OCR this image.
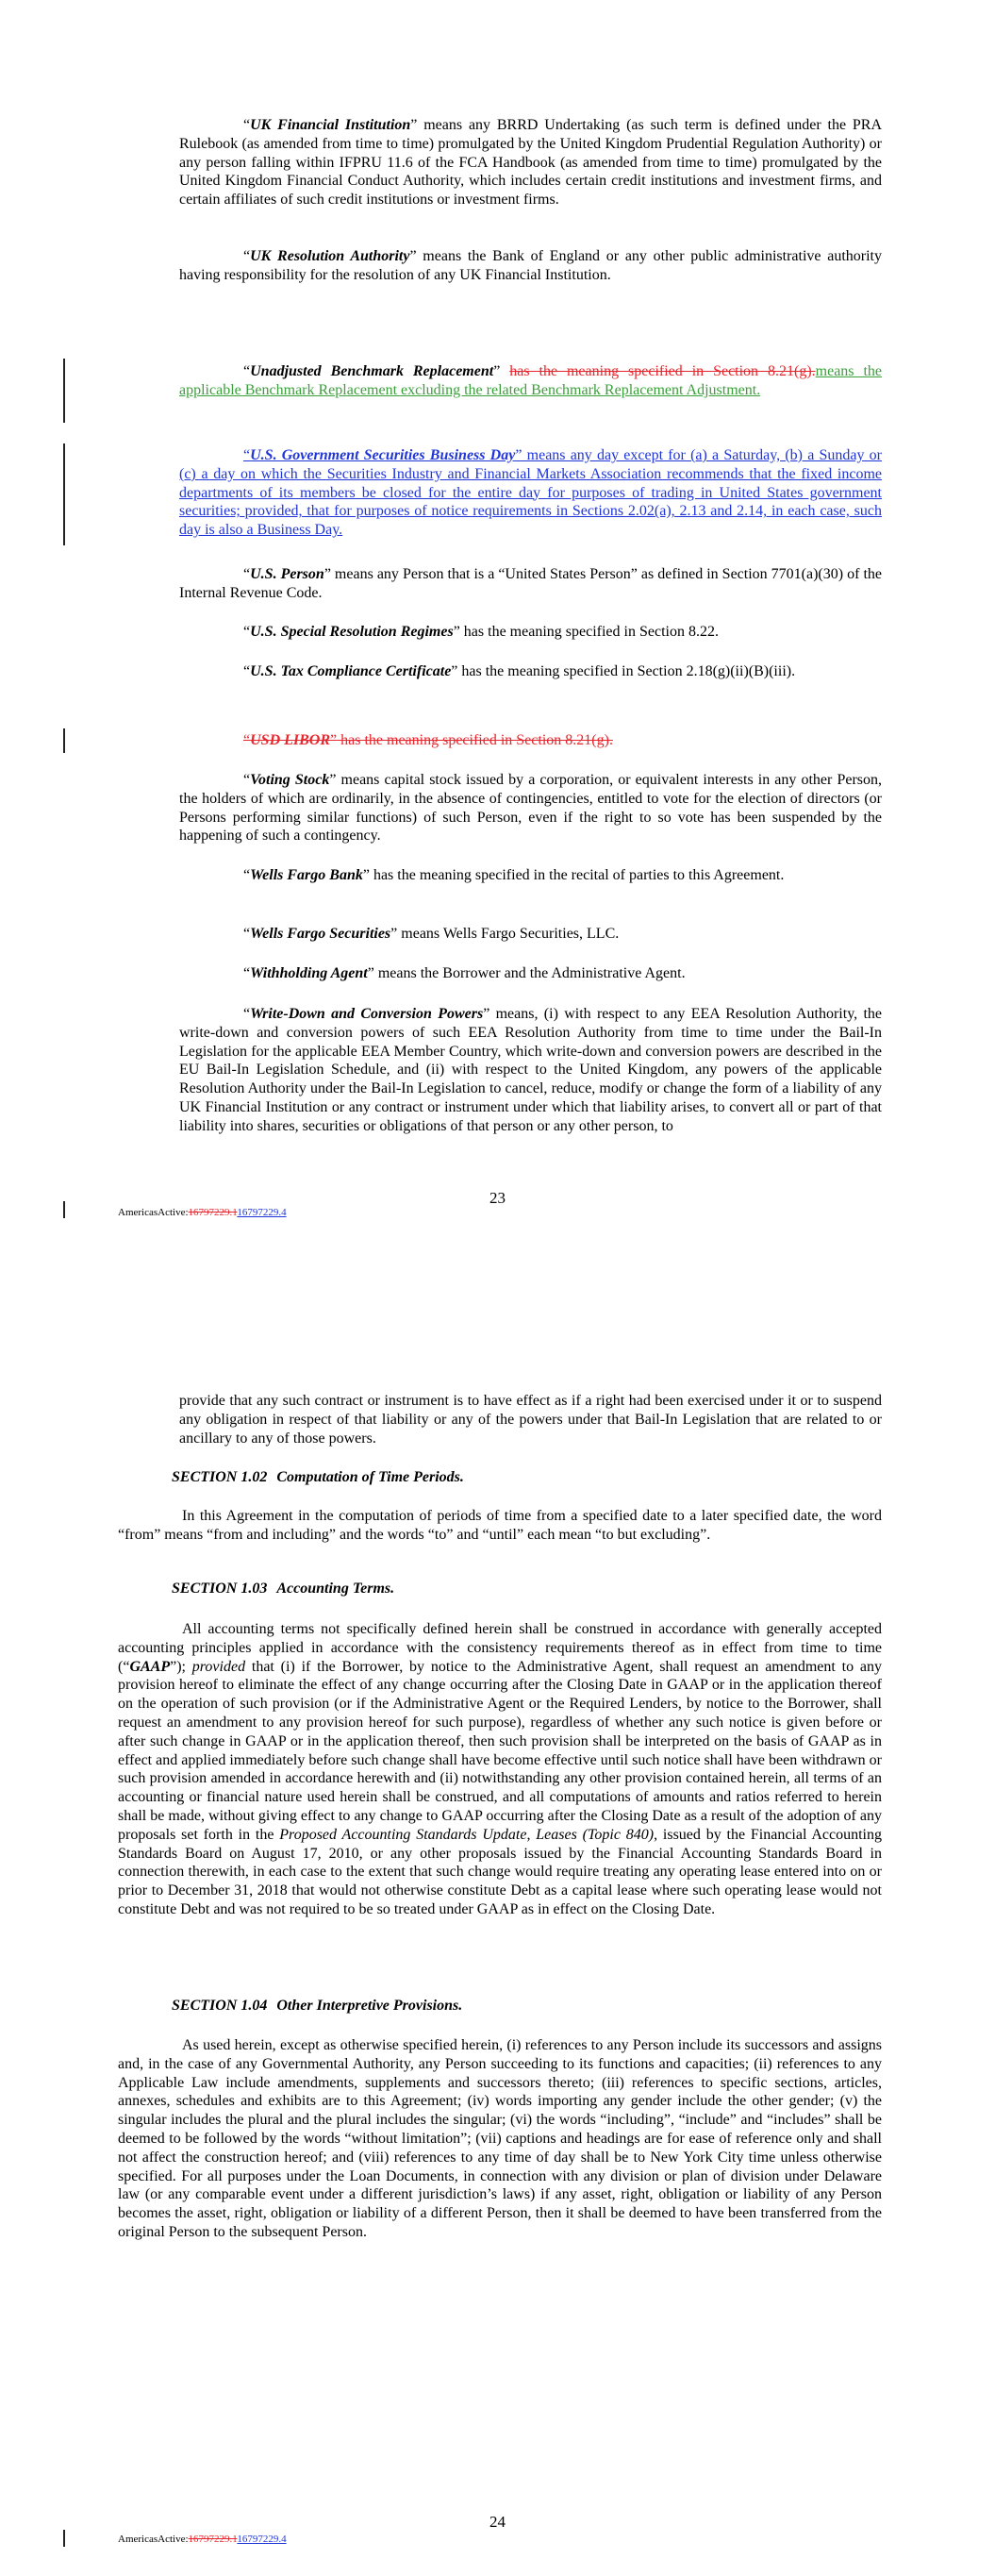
“UK Financial Institution” means any BRRD Undertaking (as such term is defined under the PRA Rulebook (as amended from time to time) promulgated by the United Kingdom Prudential Regulation Authority) or any person falling within IFPRU 11.6 of the FCA Handbook (as amended from time to time) promulgated by the United Kingdom Financial Conduct Authority, which includes certain credit institutions and investment firms, and certain affiliates of such credit institutions or investment firms.

“UK Resolution Authority” means the Bank of England or any other public administrative authority having responsibility for the resolution of any UK Financial Institution.

“Unadjusted Benchmark Replacement” has the meaning specified in Section 8.21(g).means the applicable Benchmark Replacement excluding the related Benchmark Replacement Adjustment.

“U.S. Government Securities Business Day” means any day except for (a) a Saturday, (b) a Sunday or (c) a day on which the Securities Industry and Financial Markets Association recommends that the fixed income departments of its members be closed for the entire day for purposes of trading in United States government securities; provided, that for purposes of notice requirements in Sections 2.02(a), 2.13 and 2.14, in each case, such day is also a Business Day.

“U.S. Person” means any Person that is a “United States Person” as defined in Section 7701(a)(30) of the Internal Revenue Code.

“U.S. Special Resolution Regimes” has the meaning specified in Section 8.22.

“U.S. Tax Compliance Certificate” has the meaning specified in Section 2.18(g)(ii)(B)(iii).

“USD LIBOR” has the meaning specified in Section 8.21(g).

“Voting Stock” means capital stock issued by a corporation, or equivalent interests in any other Person, the holders of which are ordinarily, in the absence of contingencies, entitled to vote for the election of directors (or Persons performing similar functions) of such Person, even if the right to so vote has been suspended by the happening of such a contingency.

“Wells Fargo Bank” has the meaning specified in the recital of parties to this Agreement.

“Wells Fargo Securities” means Wells Fargo Securities, LLC.

“Withholding Agent” means the Borrower and the Administrative Agent.

“Write-Down and Conversion Powers” means, (i) with respect to any EEA Resolution Authority, the write-down and conversion powers of such EEA Resolution Authority from time to time under the Bail-In Legislation for the applicable EEA Member Country, which write-down and conversion powers are described in the EU Bail-In Legislation Schedule, and (ii) with respect to the United Kingdom, any powers of the applicable Resolution Authority under the Bail-In Legislation to cancel, reduce, modify or change the form of a liability of any UK Financial Institution or any contract or instrument under which that liability arises, to convert all or part of that liability into shares, securities or obligations of that person or any other person, to

23
AmericasActive:16797229.116797229.4

provide that any such contract or instrument is to have effect as if a right had been exercised under it or to suspend any obligation in respect of that liability or any of the powers under that Bail-In Legislation that are related to or ancillary to any of those powers.

SECTION 1.02 Computation of Time Periods.

In this Agreement in the computation of periods of time from a specified date to a later specified date, the word “from” means “from and including” and the words “to” and “until” each mean “to but excluding”.

SECTION 1.03 Accounting Terms.

All accounting terms not specifically defined herein shall be construed in accordance with generally accepted accounting principles applied in accordance with the consistency requirements thereof as in effect from time to time (“GAAP”); provided that (i) if the Borrower, by notice to the Administrative Agent, shall request an amendment to any provision hereof to eliminate the effect of any change occurring after the Closing Date in GAAP or in the application thereof on the operation of such provision (or if the Administrative Agent or the Required Lenders, by notice to the Borrower, shall request an amendment to any provision hereof for such purpose), regardless of whether any such notice is given before or after such change in GAAP or in the application thereof, then such provision shall be interpreted on the basis of GAAP as in effect and applied immediately before such change shall have become effective until such notice shall have been withdrawn or such provision amended in accordance herewith and (ii) notwithstanding any other provision contained herein, all terms of an accounting or financial nature used herein shall be construed, and all computations of amounts and ratios referred to herein shall be made, without giving effect to any change to GAAP occurring after the Closing Date as a result of the adoption of any proposals set forth in the Proposed Accounting Standards Update, Leases (Topic 840), issued by the Financial Accounting Standards Board on August 17, 2010, or any other proposals issued by the Financial Accounting Standards Board in connection therewith, in each case to the extent that such change would require treating any operating lease entered into on or prior to December 31, 2018 that would not otherwise constitute Debt as a capital lease where such operating lease would not constitute Debt and was not required to be so treated under GAAP as in effect on the Closing Date.

SECTION 1.04 Other Interpretive Provisions.

As used herein, except as otherwise specified herein, (i) references to any Person include its successors and assigns and, in the case of any Governmental Authority, any Person succeeding to its functions and capacities; (ii) references to any Applicable Law include amendments, supplements and successors thereto; (iii) references to specific sections, articles, annexes, schedules and exhibits are to this Agreement; (iv) words importing any gender include the other gender; (v) the singular includes the plural and the plural includes the singular; (vi) the words “including”, “include” and “includes” shall be deemed to be followed by the words “without limitation”; (vii) captions and headings are for ease of reference only and shall not affect the construction hereof; and (viii) references to any time of day shall be to New York City time unless otherwise specified. For all purposes under the Loan Documents, in connection with any division or plan of division under Delaware law (or any comparable event under a different jurisdiction’s laws) if any asset, right, obligation or liability of any Person becomes the asset, right, obligation or liability of a different Person, then it shall be deemed to have been transferred from the original Person to the subsequent Person.

24
AmericasActive:16797229.116797229.4
